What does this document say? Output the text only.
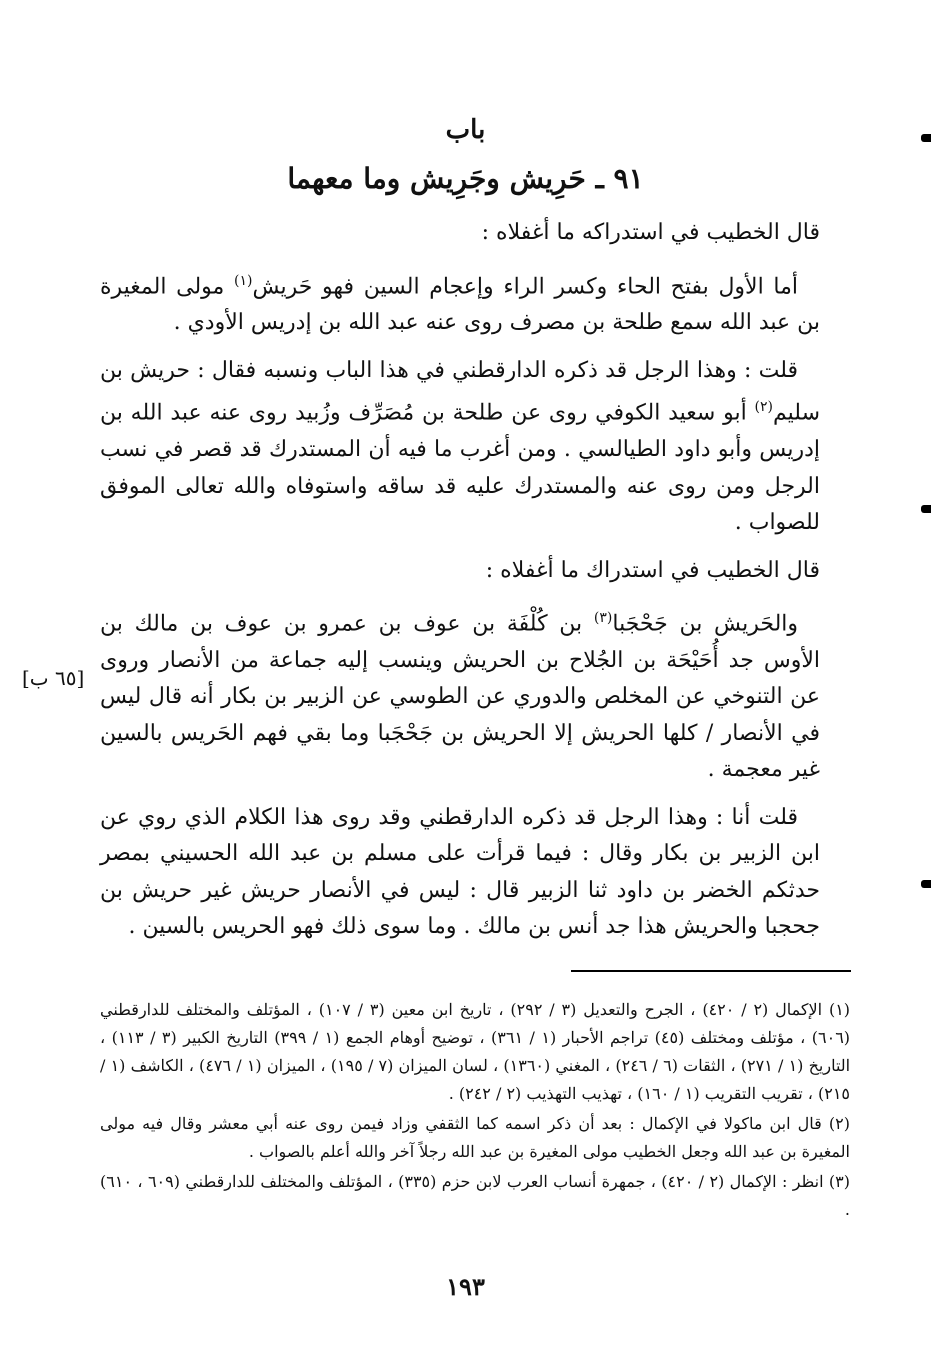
باب
٩١ ـ حَرِيش وجَرِيش وما معهما

قال الخطيب في استدراكه ما أغفلاه :

أما الأول بفتح الحاء وكسر الراء وإعجام السين فهو حَريش$^{(١)}$ مولى المغيرة بن عبد الله سمع طلحة بن مصرف روى عنه عبد الله بن إدريس الأودي .

قلت : وهذا الرجل قد ذكره الدارقطني في هذا الباب ونسبه فقال : حريش بن سليم$^{(٢)}$ أبو سعيد الكوفي روى عن طلحة بن مُصَرِّف وزُبيد روى عنه عبد الله بن إدريس وأبو داود الطيالسي . ومن أغرب ما فيه أن المستدرك قد قصر في نسب الرجل ومن روى عنه والمستدرك عليه قد ساقه واستوفاه والله تعالى الموفق للصواب .

قال الخطيب في استدراك ما أغفلاه :

والحَريش بن جَحْجَبا$^{(٣)}$ بن كُلْفَة بن عوف بن عمرو بن عوف بن مالك بن الأوس جد أُحَيْحَة بن الجُلاح بن الحريش وينسب إليه جماعة من الأنصار وروى عن التنوخي عن المخلص والدوري عن الطوسي عن الزبير بن بكار أنه قال ليس في الأنصار / كلها الحريش إلا الحريش بن جَحْجَبا وما بقي فهم الحَريس بالسين غير معجمة .

قلت أنا : وهذا الرجل قد ذكره الدارقطني وقد روى هذا الكلام الذي روي عن ابن الزبير بن بكار وقال : فيما قرأت على مسلم بن عبد الله الحسيني بمصر حدثكم الخضر بن داود ثنا الزبير قال : ليس في الأنصار حريش غير حريش بن جحجبا والحريش هذا جد أنس بن مالك . وما سوى ذلك فهو الحريس بالسين .

[٦٥ ب]

(١) الإكمال (٢ / ٤٢٠) ، الجرح والتعديل (٣ / ٢٩٢) ، تاريخ ابن معين (٣ / ١٠٧) ، المؤتلف والمختلف للدارقطني (٦٠٦) ، مؤتلف ومختلف (٤٥) تراجم الأحبار (١ / ٣٦١) ، توضيح أوهام الجمع (١ / ٣٩٩) التاريخ الكبير (٣ / ١١٣) ، التاريخ (١ / ٢٧١) ، الثقات (٦ / ٢٤٦) ، المغني (١٣٦٠) ، لسان الميزان (٧ / ١٩٥) ، الميزان (١ / ٤٧٦) ، الكاشف (١ / ٢١٥) ، تقريب التقريب (١ / ١٦٠) ، تهذيب التهذيب (٢ / ٢٤٢) .

(٢) قال ابن ماكولا في الإكمال : بعد أن ذكر اسمه كما الثقفي وزاد فيمن روى عنه أبي معشر وقال فيه مولى المغيرة بن عبد الله وجعل الخطيب مولى المغيرة بن عبد الله رجلاً آخر والله أعلم بالصواب .

(٣) انظر : الإكمال (٢ / ٤٢٠) ، جمهرة أنساب العرب لابن حزم (٣٣٥) ، المؤتلف والمختلف للدارقطني (٦٠٩ ، ٦١٠) .

١٩٣
